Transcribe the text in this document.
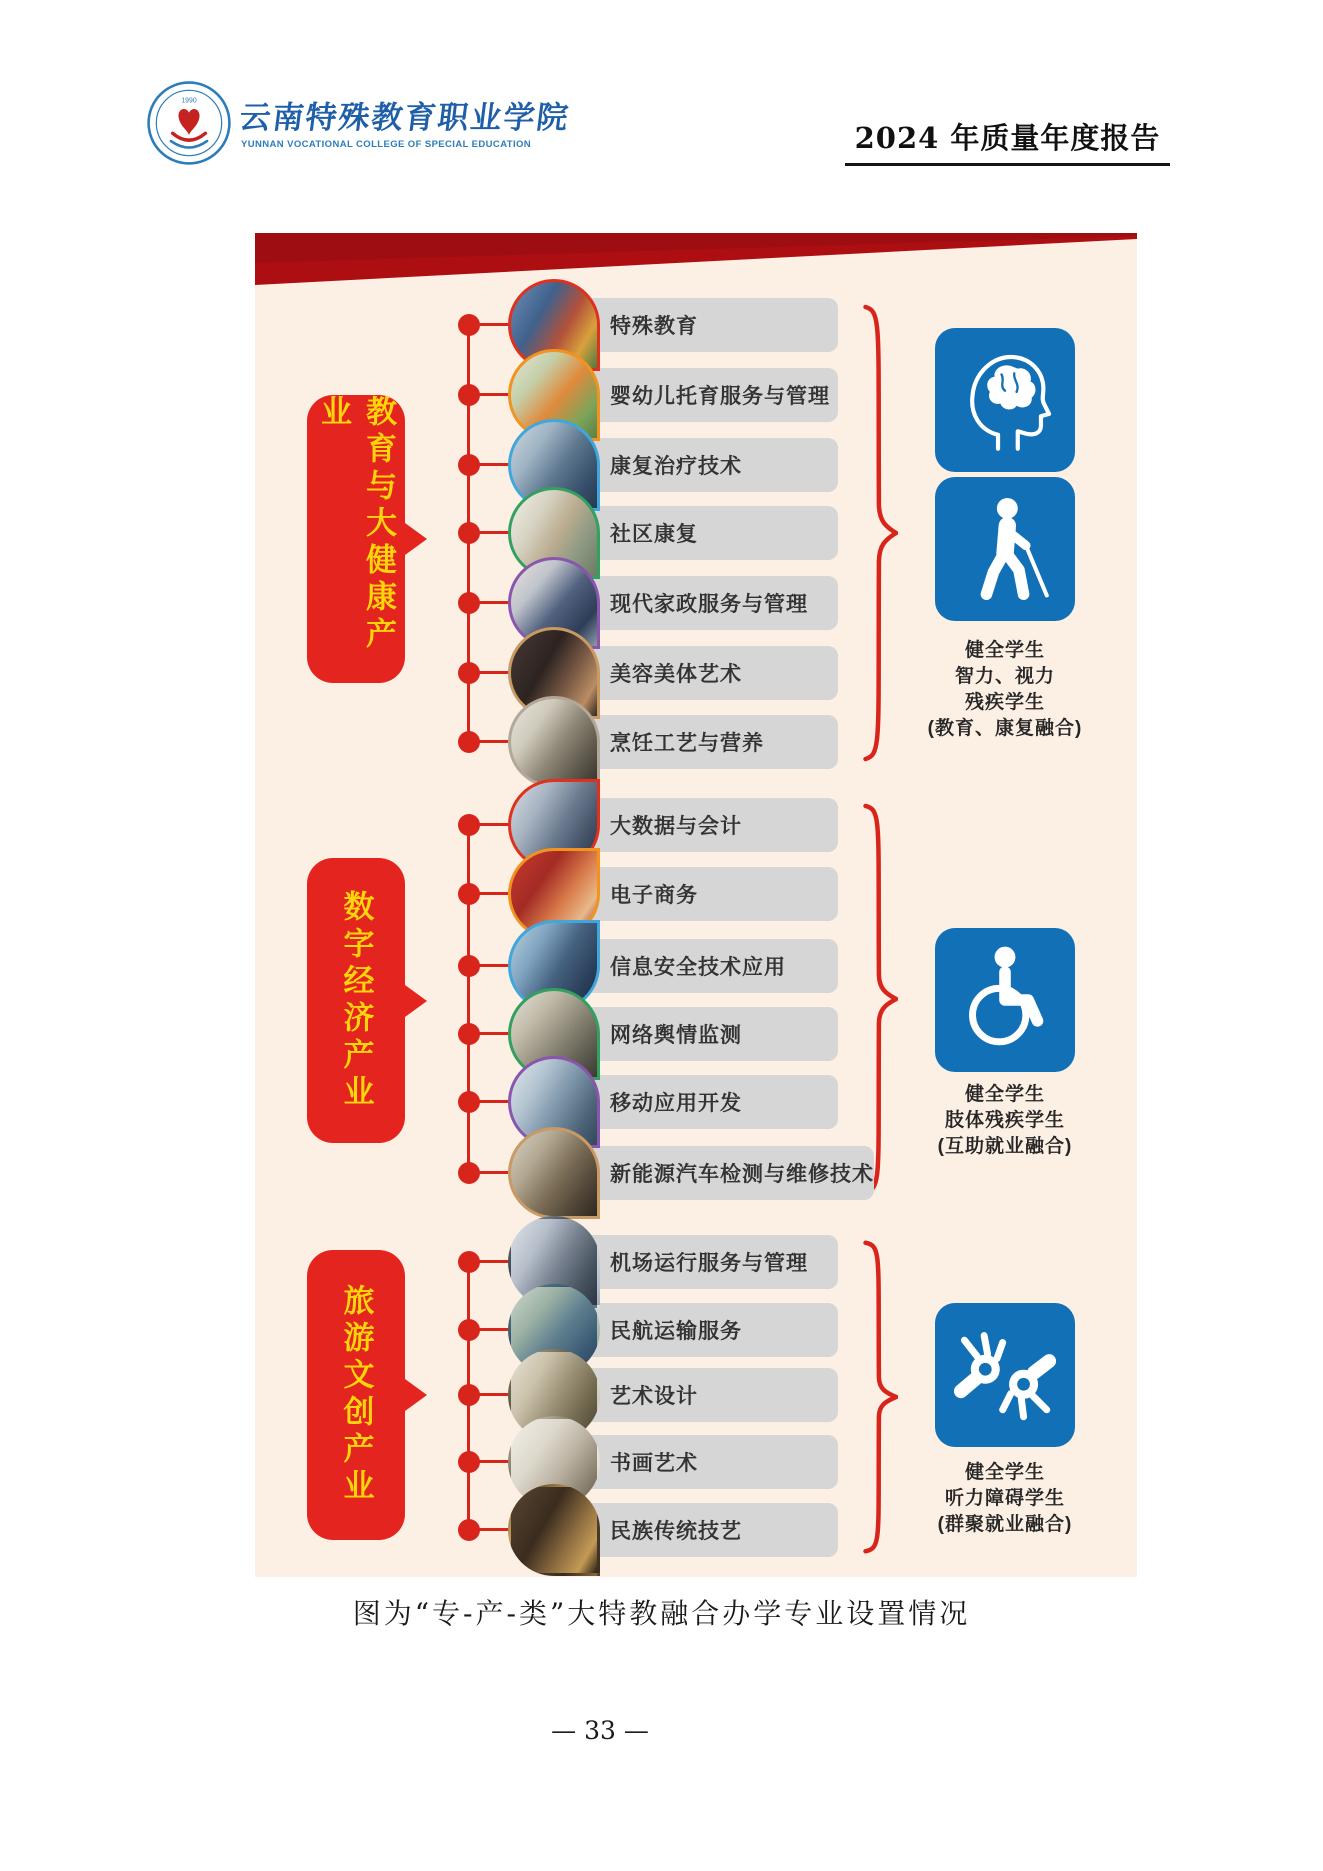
1990 云南特殊教育职业学院
YUNNAN VOCATIONAL COLLEGE OF SPECIAL EDUCATION	2024 年质量年度报告
教育与大健康产业
数字经济产业
旅游文创产业
特殊教育
婴幼儿托育服务与管理
康复治疗技术
社区康复
现代家政服务与管理
美容美体艺术
烹饪工艺与营养
大数据与会计
电子商务
信息安全技术应用
网络舆情监测
移动应用开发
新能源汽车检测与维修技术
机场运行服务与管理
民航运输服务
艺术设计
书画艺术
民族传统技艺
健全学生
智力、视力
残疾学生
(教育、康复融合)
健全学生
肢体残疾学生
(互助就业融合)
健全学生
听力障碍学生
(群聚就业融合)
图为“专-产-类”大特教融合办学专业设置情况
— 33 —
